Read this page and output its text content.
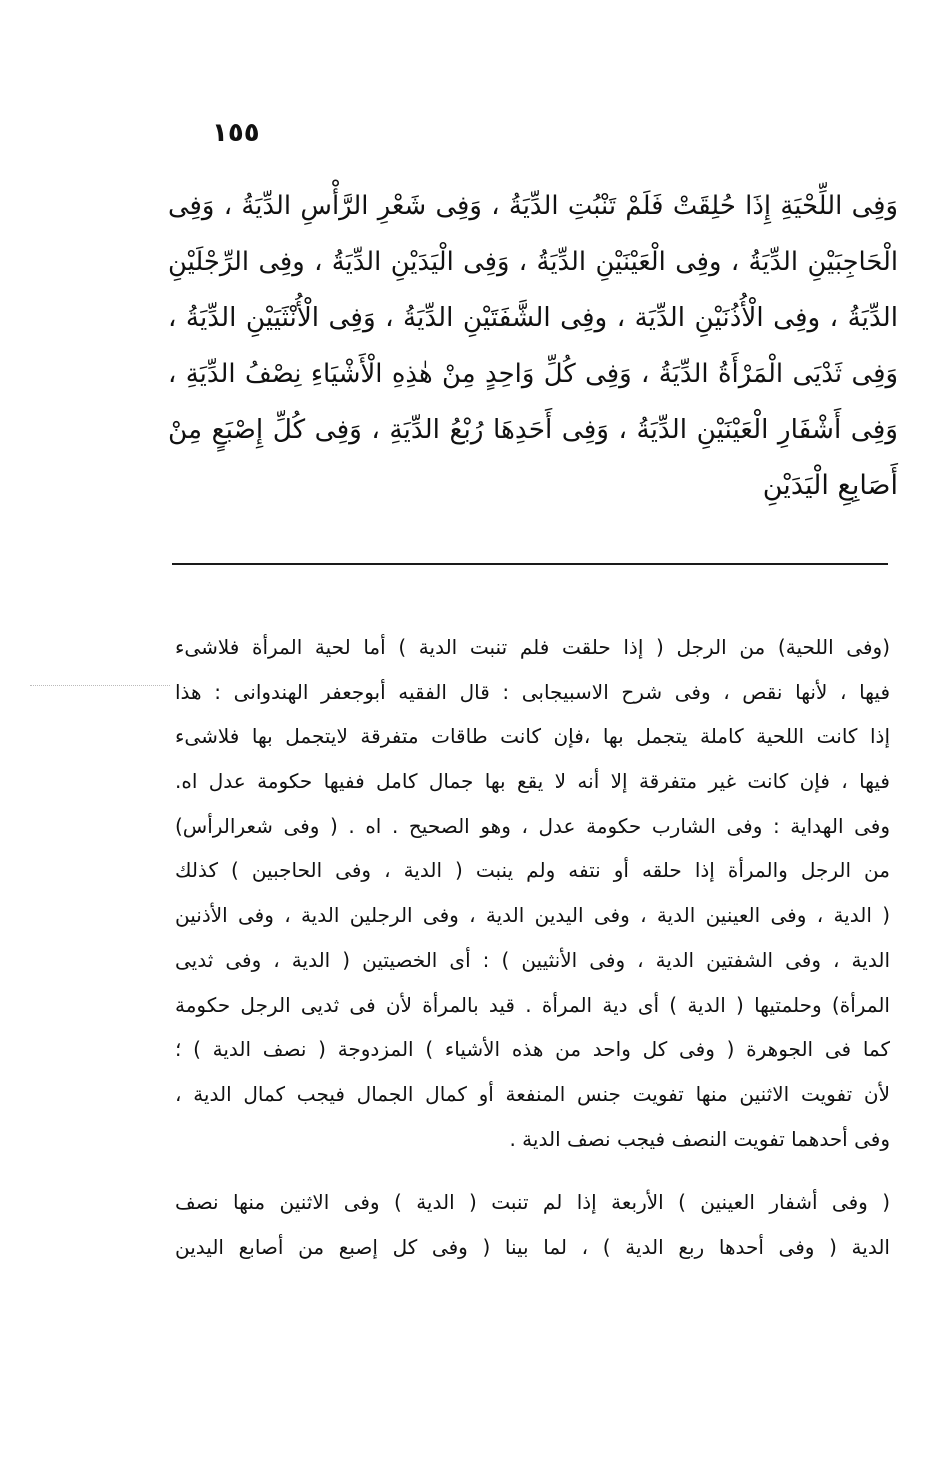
١٥٥
وَفِى اللِّحْيَةِ إِذَا حُلِقَتْ فَلَمْ تَنْبُتِ الدِّيَةُ ، وَفِى شَعْرِ الرَّأْسِ الدِّيَةُ ، وَفِى
الْحَاجِبَيْنِ الدِّيَةُ ، وفِى الْعَيْنَيْنِ الدِّيَةُ ، وَفِى الْيَدَيْنِ الدِّيَةُ ، وفِى الرِّجْلَيْنِ
الدِّيَةُ ، وفِى الْأُذُنَيْنِ الدِّيَة ، وفِى الشَّفَتَيْنِ الدِّيَةُ ، وَفِى الْأُنْثَيَيْنِ الدِّيَةُ ،
وَفِى ثَدْيَى الْمَرْأَةُ الدِّيَةُ ، وَفِى كُلِّ وَاحِدٍ مِنْ هٰذِهِ الْأَشْيَاءِ نِصْفُ الدِّيَةِ ،
وَفِى أَشْفَارِ الْعَيْنَيْنِ الدِّيَةُ ، وَفِى أَحَدِهَا رُبْعُ الدِّيَةِ ، وَفِى كُلِّ إِصْبَعٍ مِنْ
أَصَابِعِ الْيَدَيْنِ
(وفى اللحية) من الرجل ( إذا حلقت فلم تنبت الدية ) أما لحية المرأة فلاشىء
فيها ، لأنها نقص ، وفى شرح الاسبيجابى : قال الفقيه أبوجعفر الهندوانى : هذا
إذا كانت اللحية كاملة يتجمل بها ،فإن كانت طاقات متفرقة لايتجمل بها فلاشىء
فيها ، فإن كانت غير متفرقة إلا أنه لا يقع بها جمال كامل ففيها حكومة عدل اه.
وفى الهداية : وفى الشارب حكومة عدل ، وهو الصحيح . اه . ( وفى شعرالرأس)
من الرجل والمرأة إذا حلقه أو نتفه ولم ينبت ( الدية ، وفى الحاجبين ) كذلك
( الدية ، وفى العينين الدية ، وفى اليدين الدية ، وفى الرجلين الدية ، وفى الأذنين
الدية ، وفى الشفتين الدية ، وفى الأنثيين ) : أى الخصيتين ( الدية ، وفى ثديى
المرأة) وحلمتيها ( الدية ) أى دية المرأة . قيد بالمرأة لأن فى ثديى الرجل حكومة
كما فى الجوهرة ( وفى كل واحد من هذه الأشياء ) المزدوجة ( نصف الدية ) ؛
لأن تفويت الاثنين منها تفويت جنس المنفعة أو كمال الجمال فيجب كمال الدية ،
وفى أحدهما تفويت النصف فيجب نصف الدية .
( وفى أشفار العينين ) الأربعة إذا لم تنبت ( الدية ) وفى الاثنين منها نصف
الدية ( وفى أحدها ربع الدية ) ، لما بينا ( وفى كل إصبع من أصابع اليدين
